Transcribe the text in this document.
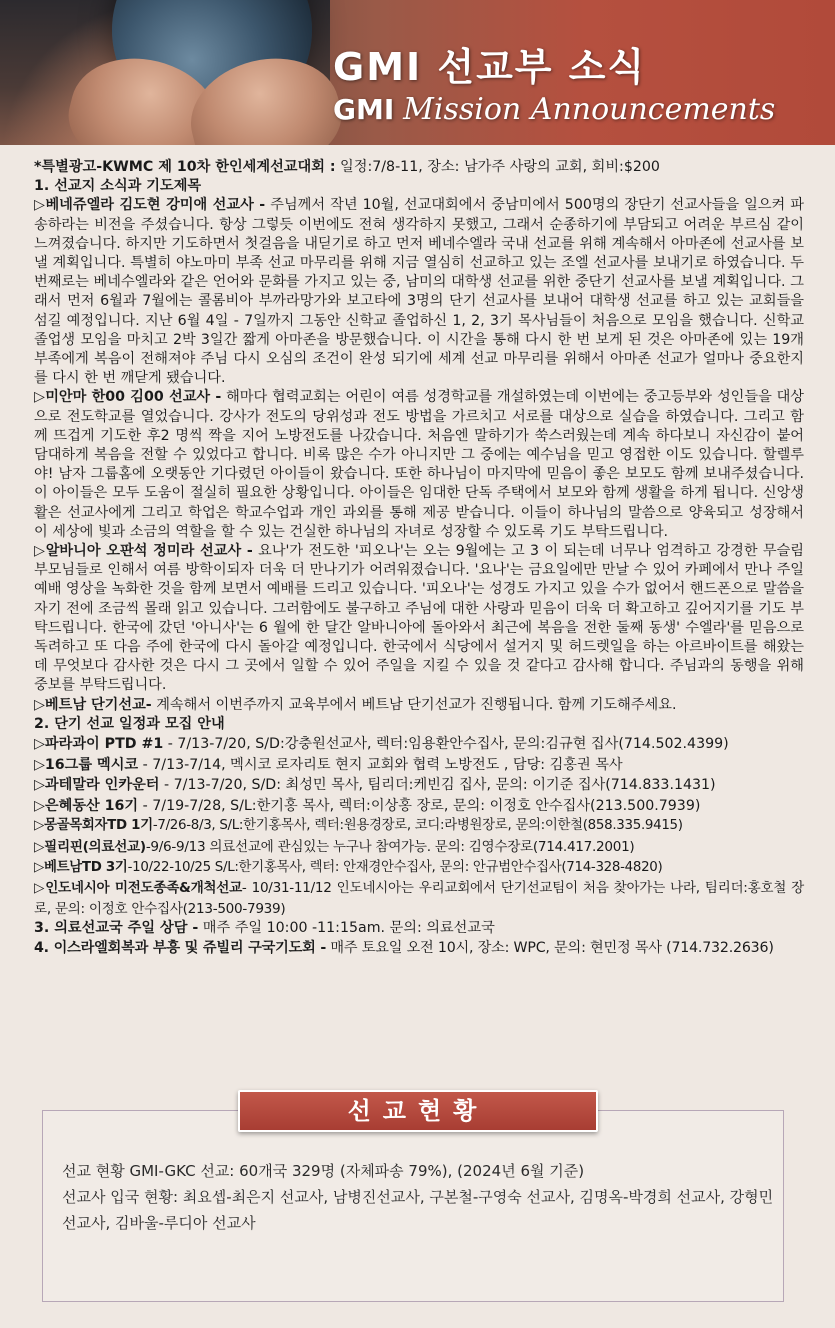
GMI 선교부 소식
GMI Mission Announcements

*특별광고-KWMC 제 10차 한인세계선교대회 : 일정:7/8-11, 장소: 남가주 사랑의 교회, 회비:$200

1. 선교지 소식과 기도제목

▷베네쥬엘라 김도현 강미애 선교사 - 주님께서 작년 10월, 선교대회에서 중남미에서 500명의 장단기 선교사들을 일으켜 파송하라는 비전을 주셨습니다. 항상 그렇듯 이번에도 전혀 생각하지 못했고, 그래서 순종하기에 부담되고 어려운 부르심 같이 느껴졌습니다. 하지만 기도하면서 첫걸음을 내딛기로 하고 먼저 베네수엘라 국내 선교를 위해 계속해서 아마존에 선교사를 보낼 계획입니다. 특별히 야노마미 부족 선교 마무리를 위해 지금 열심히 선교하고 있는 조엘 선교사를 보내기로 하였습니다. 두번째로는 베네수엘라와 같은 언어와 문화를 가지고 있는 중, 남미의 대학생 선교를 위한 중단기 선교사를 보낼 계획입니다. 그래서 먼저 6월과 7월에는 콜롬비아 부까라망가와 보고타에 3명의 단기 선교사를 보내어 대학생 선교를 하고 있는 교회들을 섬길 예정입니다. 지난 6월 4일 - 7일까지 그동안 신학교 졸업하신 1, 2, 3기 목사님들이 처음으로 모임을 했습니다. 신학교 졸업생 모임을 마치고 2박 3일간 짧게 아마존을 방문했습니다. 이 시간을 통해 다시 한 번 보게 된 것은 아마존에 있는 19개 부족에게 복음이 전해져야 주님 다시 오심의 조건이 완성 되기에 세계 선교 마무리를 위해서 아마존 선교가 얼마나 중요한지를 다시 한 번 깨닫게 됐습니다.

▷미안마 한00 김00 선교사 - 해마다 협력교회는 어린이 여름 성경학교를 개설하였는데 이번에는 중고등부와 성인들을 대상으로 전도학교를 열었습니다. 강사가 전도의 당위성과 전도 방법을 가르치고 서로를 대상으로 실습을 하였습니다. 그리고 함께 뜨겁게 기도한 후2 명씩 짝을 지어 노방전도를 나갔습니다. 처음엔 말하기가 쑥스러웠는데 계속 하다보니 자신감이 붙어 담대하게 복음을 전할 수 있었다고 합니다. 비록 많은 수가 아니지만 그 중에는 예수님을 믿고 영접한 이도 있습니다. 할렐루야! 남자 그룹홈에 오랫동안 기다렸던 아이들이 왔습니다. 또한 하나님이 마지막에 믿음이 좋은 보모도 함께 보내주셨습니다. 이 아이들은 모두 도움이 절실히 필요한 상황입니다. 아이들은 임대한 단독 주택에서 보모와 함께 생활을 하게 됩니다. 신앙생활은 선교사에게 그리고 학업은 학교수업과 개인 과외를 통해 제공 받습니다. 이들이 하나님의 말씀으로 양육되고 성장해서 이 세상에 빛과 소금의 역할을 할 수 있는 건실한 하나님의 자녀로 성장할 수 있도록 기도 부탁드립니다.

▷알바니아 오판석 정미라 선교사 - 요나'가 전도한 '피오나'는 오는 9월에는 고 3 이 되는데 너무나 엄격하고 강경한 무슬림 부모님들로 인해서 여름 방학이되자 더욱 더 만나기가 어려워졌습니다. '요나'는 금요일에만 만날 수 있어 카페에서 만나 주일 예배 영상을 녹화한 것을 함께 보면서 예배를 드리고 있습니다. '피오나'는 성경도 가지고 있을 수가 없어서 핸드폰으로 말씀을 자기 전에 조금씩 몰래 읽고 있습니다. 그러함에도 불구하고 주님에 대한 사랑과 믿음이 더욱 더 확고하고 깊어지기를 기도 부탁드립니다. 한국에 갔던 '아니사'는 6 월에 한 달간 알바니아에 돌아와서 최근에 복음을 전한 둘째 동생' 수엘라'를 믿음으로 독려하고 또 다음 주에 한국에 다시 돌아갈 예정입니다. 한국에서 식당에서 설거지 및 허드렛일을 하는 아르바이트를 해왔는데 무엇보다 감사한 것은 다시 그 곳에서 일할 수 있어 주일을 지킬 수 있을 것 같다고 감사해 합니다. 주님과의 동행을 위해 중보를 부탁드립니다.

▷베트남 단기선교- 계속해서 이번주까지 교육부에서 베트남 단기선교가 진행됩니다. 함께 기도해주세요.

2. 단기 선교 일정과 모집 안내

▷파라과이 PTD #1 - 7/13-7/20, S/D:강충원선교사, 렉터:임용환안수집사, 문의:김규현 집사(714.502.4399)

▷16그룹 멕시코 - 7/13-7/14, 멕시코 로자리토 현지 교회와 협력 노방전도 , 담당: 김홍권 목사

▷과테말라 인카운터 - 7/13-7/20, S/D: 최성민 목사, 팀리더:케빈김 집사, 문의: 이기준 집사(714.833.1431)

▷은혜동산 16기 - 7/19-7/28, S/L:한기홍 목사, 렉터:이상홍 장로, 문의: 이정호 안수집사(213.500.7939)

▷몽골목회자TD 1기-7/26-8/3, S/L:한기홍목사, 렉터:원용경장로, 코디:라병원장로, 문의:이한철(858.335.9415)

▷필리핀(의료선교)-9/6-9/13 의료선교에 관심있는 누구나 참여가능. 문의: 김영수장로(714.417.2001)

▷베트남TD 3기-10/22-10/25 S/L:한기홍목사, 렉터: 안재경안수집사, 문의: 안규범안수집사(714-328-4820)

▷인도네시아 미전도종족&개척선교- 10/31-11/12 인도네시아는 우리교회에서 단기선교팀이 처음 찾아가는 나라, 팀리더:홍호철 장로, 문의: 이정호 안수집사(213-500-7939)

3. 의료선교국 주일 상담 - 매주 주일 10:00 -11:15am. 문의: 의료선교국

4. 이스라엘회복과 부흥 및 쥬빌리 구국기도회 - 매주 토요일 오전 10시, 장소: WPC, 문의: 현민정 목사 (714.732.2636)

선교현황

선교 현황 GMI-GKC 선교: 60개국 329명 (자체파송 79%), (2024년 6월 기준)

선교사 입국 현황: 최요셉-최은지 선교사, 남병진선교사, 구본철-구영숙 선교사, 김명옥-박경희 선교사, 강형민 선교사, 김바울-루디아 선교사
